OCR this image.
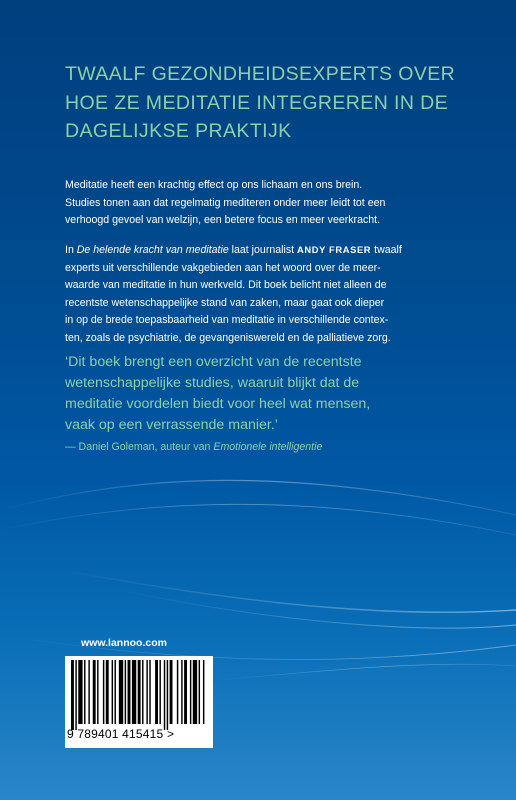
TWAALF GEZONDHEIDSEXPERTS OVER
HOE ZE MEDITATIE INTEGREREN IN DE
DAGELIJKSE PRAKTIJK

Meditatie heeft een krachtig effect op ons lichaam en ons brein.
Studies tonen aan dat regelmatig mediteren onder meer leidt tot een
verhoogd gevoel van welzijn, een betere focus en meer veerkracht.

In De helende kracht van meditatie laat journalist ANDY FRASER twaalf
experts uit verschillende vakgebieden aan het woord over de meer-
waarde van meditatie in hun werkveld. Dit boek belicht niet alleen de
recentste wetenschappelijke stand van zaken, maar gaat ook dieper
in op de brede toepasbaarheid van meditatie in verschillende contex-
ten, zoals de psychiatrie, de gevangeniswereld en de palliatieve zorg.

‘Dit boek brengt een overzicht van de recentste
wetenschappelijke studies, waaruit blijkt dat de
meditatie voordelen biedt voor heel wat mensen,
vaak op een verrassende manier.’

— Daniel Goleman, auteur van Emotionele intelligentie

www.lannoo.com

9 789401 415415 >
